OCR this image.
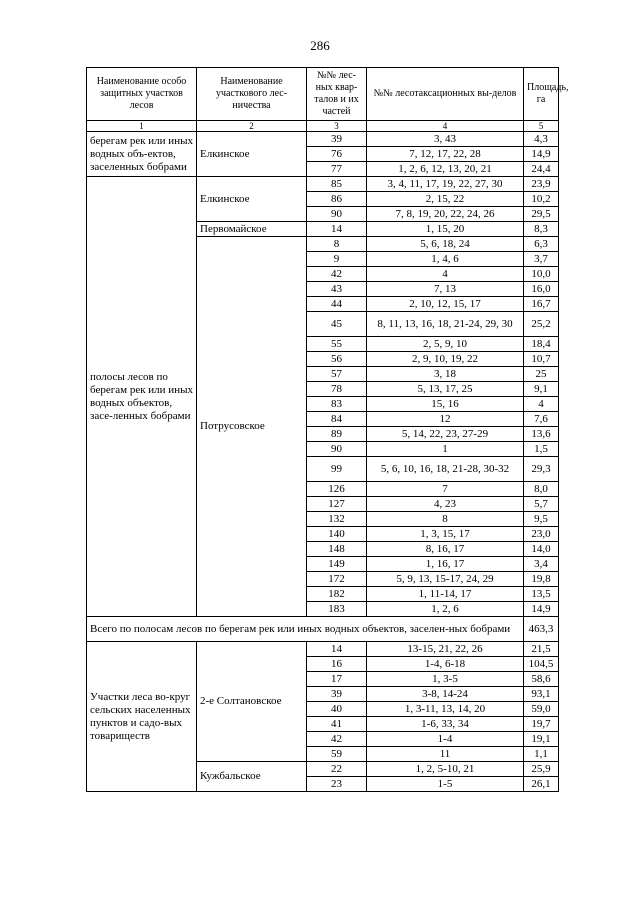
286
Наименование особо защитных участков лесов	Наименование участкового лес-ничества	№№ лес-ных квар-талов и их частей	№№ лесотаксационных вы-делов	Площадь, га
1	2	3	4	5
берегам рек или иных водных объ-ектов, заселенных бобрами	Елкинское	39	3, 43	4,3
		76	7, 12, 17, 22, 28	14,9
		77	1, 2, 6, 12, 13, 20, 21	24,4
полосы лесов по берегам рек или иных водных объектов, засе-ленных бобрами	Елкинское	85	3, 4, 11, 17, 19, 22, 27, 30	23,9
		86	2, 15, 22	10,2
		90	7, 8, 19, 20, 22, 24, 26	29,5
	Первомайское	14	1, 15, 20	8,3
	Потрусовское	8	5, 6, 18, 24	6,3
		9	1, 4, 6	3,7
		42	4	10,0
		43	7, 13	16,0
		44	2, 10, 12, 15, 17	16,7
		45	8, 11, 13, 16, 18, 21-24, 29, 30	25,2
		55	2, 5, 9, 10	18,4
		56	2, 9, 10, 19, 22	10,7
		57	3, 18	25
		78	5, 13, 17, 25	9,1
		83	15, 16	4
		84	12	7,6
		89	5, 14, 22, 23, 27-29	13,6
		90	1	1,5
		99	5, 6, 10, 16, 18, 21-28, 30-32	29,3
		126	7	8,0
		127	4, 23	5,7
		132	8	9,5
		140	1, 3, 15, 17	23,0
		148	8, 16, 17	14,0
		149	1, 16, 17	3,4
		172	5, 9, 13, 15-17, 24, 29	19,8
		182	1, 11-14, 17	13,5
		183	1, 2, 6	14,9
Всего по полосам лесов по берегам рек или иных водных объектов, заселен-ных бобрами				463,3
Участки леса во-круг сельских населенных пунктов и садо-вых товариществ	2-е Солтановское	14	13-15, 21, 22, 26	21,5
		16	1-4, 6-18	104,5
		17	1, 3-5	58,6
		39	3-8, 14-24	93,1
		40	1, 3-11, 13, 14, 20	59,0
		41	1-6, 33, 34	19,7
		42	1-4	19,1
		59	11	1,1
	Кужбальское	22	1, 2, 5-10, 21	25,9
		23	1-5	26,1
